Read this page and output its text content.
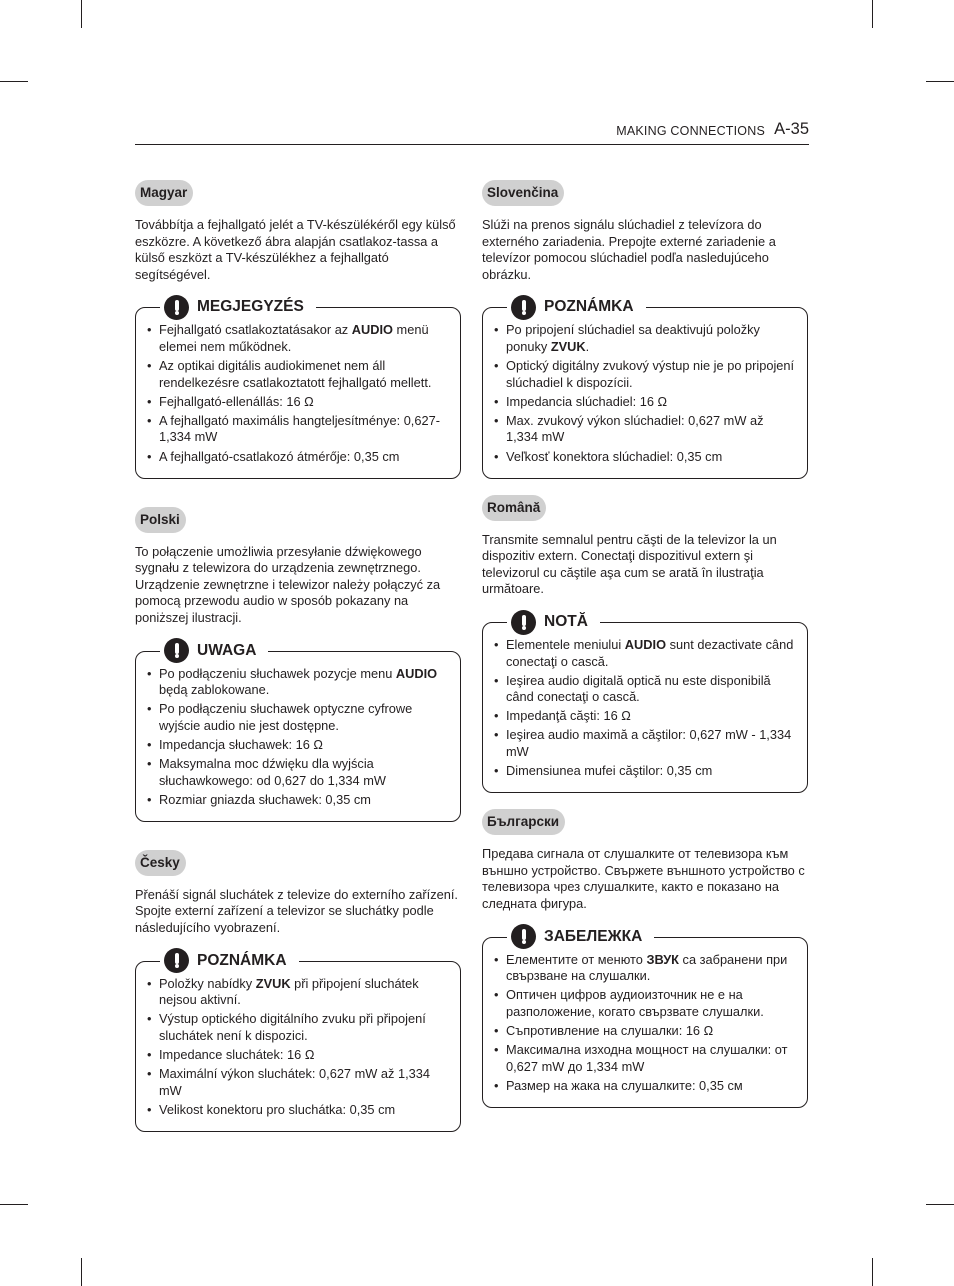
MAKING CONNECTIONS A-35
Magyar

Továbbítja a fejhallgató jelét a TV-készülékéről egy külső eszközre. A következő ábra alapján csatlakoz-tassa a külső eszközt a TV-készülékhez a fejhallgató segítségével.

MEGJEGYZÉS
• Fejhallgató csatlakoztatásakor az AUDIO menü elemei nem működnek.
• Az optikai digitális audiokimenet nem áll rendelkezésre csatlakoztatott fejhallgató mellett.
• Fejhallgató-ellenállás: 16 Ω
• A fejhallgató maximális hangteljesítménye: 0,627-1,334 mW
• A fejhallgató-csatlakozó átmérője: 0,35 cm
Polski

To połączenie umożliwia przesyłanie dźwiękowego sygnału z telewizora do urządzenia zewnętrznego. Urządzenie zewnętrzne i telewizor należy połączyć za pomocą przewodu audio w sposób pokazany na poniższej ilustracji.

UWAGA
• Po podłączeniu słuchawek pozycje menu AUDIO będą zablokowane.
• Po podłączeniu słuchawek optyczne cyfrowe wyjście audio nie jest dostępne.
• Impedancja słuchawek: 16 Ω
• Maksymalna moc dźwięku dla wyjścia słuchawkowego: od 0,627 do 1,334 mW
• Rozmiar gniazda słuchawek: 0,35 cm
Česky

Přenáší signál sluchátek z televize do externího zařízení. Spojte externí zařízení a televizor se sluchátky podle následujícího vyobrazení.

POZNÁMKA
• Položky nabídky ZVUK při připojení sluchátek nejsou aktivní.
• Výstup optického digitálního zvuku při připojení sluchátek není k dispozici.
• Impedance sluchátek: 16 Ω
• Maximální výkon sluchátek: 0,627 mW až 1,334 mW
• Velikost konektoru pro sluchátka: 0,35 cm
Slovenčina

Slúži na prenos signálu slúchadiel z televízora do externého zariadenia. Prepojte externé zariadenie a televízor pomocou slúchadiel podľa nasledujúceho obrázku.

POZNÁMKA
• Po pripojení slúchadiel sa deaktivujú položky ponuky ZVUK.
• Optický digitálny zvukový výstup nie je po pripojení slúchadiel k dispozícii.
• Impedancia slúchadiel: 16 Ω
• Max. zvukový výkon slúchadiel: 0,627 mW až 1,334 mW
• Veľkosť konektora slúchadiel: 0,35 cm
Română

Transmite semnalul pentru căşti de la televizor la un dispozitiv extern. Conectaţi dispozitivul extern şi televizorul cu căştile aşa cum se arată în ilustraţia următoare.

NOTĂ
• Elementele meniului AUDIO sunt dezactivate când conectaţi o cască.
• Ieşirea audio digitală optică nu este disponibilă când conectaţi o cască.
• Impedanţă căşti: 16 Ω
• Ieşirea audio maximă a căştilor: 0,627 mW - 1,334 mW
• Dimensiunea mufei căştilor: 0,35 cm
Български

Предава сигнала от слушалките от телевизора към външно устройство. Свържете външното устройство с телевизора чрез слушалките, както е показано на следната фигура.

ЗАБЕЛЕЖКА
• Елементите от менюто ЗВУК са забранени при свързване на слушалки.
• Оптичен цифров аудиоизточник не е на разположение, когато свързвате слушалки.
• Съпротивление на слушалки: 16 Ω
• Максимална изходна мощност на слушалки: от 0,627 mW до 1,334 mW
• Размер на жака на слушалките: 0,35 см
